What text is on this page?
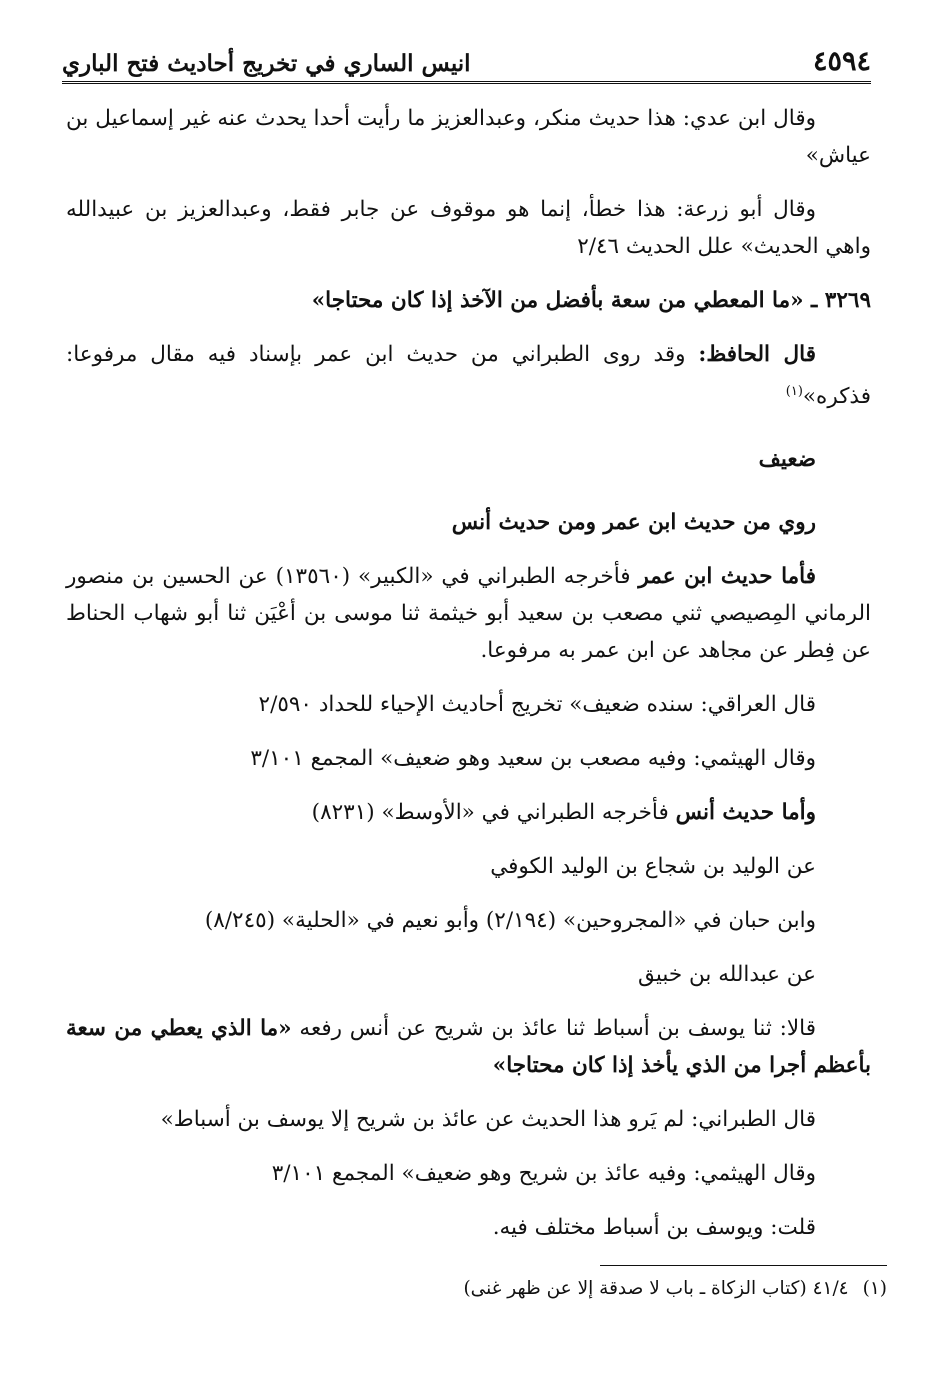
٤٥٩٤
انيس الساري في تخريج أحاديث فتح الباري

وقال ابن عدي: هذا حديث منكر، وعبدالعزيز ما رأيت أحدا يحدث عنه غير إسماعيل بن عياش»

وقال أبو زرعة: هذا خطأ، إنما هو موقوف عن جابر فقط، وعبدالعزيز بن عبيدالله واهي الحديث» علل الحديث ٢/٤٦

٣٢٦٩ ـ «ما المعطي من سعة بأفضل من الآخذ إذا كان محتاجا»

قال الحافظ: وقد روى الطبراني من حديث ابن عمر بإسناد فيه مقال مرفوعا: فذكره»$^{(١)}$

ضعيف

روي من حديث ابن عمر ومن حديث أنس

فأما حديث ابن عمر فأخرجه الطبراني في «الكبير» (١٣٥٦٠) عن الحسين بن منصور الرماني المِصيصي ثني مصعب بن سعيد أبو خيثمة ثنا موسى بن أعْيَن ثنا أبو شهاب الحناط عن فِطر عن مجاهد عن ابن عمر به مرفوعا.

قال العراقي: سنده ضعيف» تخريج أحاديث الإحياء للحداد ٢/٥٩٠

وقال الهيثمي: وفيه مصعب بن سعيد وهو ضعيف» المجمع ٣/١٠١

وأما حديث أنس فأخرجه الطبراني في «الأوسط» (٨٢٣١)

عن الوليد بن شجاع بن الوليد الكوفي

وابن حبان في «المجروحين» (٢/١٩٤) وأبو نعيم في «الحلية» (٨/٢٤٥)

عن عبدالله بن خبيق

قالا: ثنا يوسف بن أسباط ثنا عائذ بن شريح عن أنس رفعه «ما الذي يعطي من سعة بأعظم أجرا من الذي يأخذ إذا كان محتاجا»

قال الطبراني: لم يَرو هذا الحديث عن عائذ بن شريح إلا يوسف بن أسباط»

وقال الهيثمي: وفيه عائذ بن شريح وهو ضعيف» المجمع ٣/١٠١

قلت: ويوسف بن أسباط مختلف فيه.

(١)٤١/٤ (كتاب الزكاة ـ باب لا صدقة إلا عن ظهر غنى)
